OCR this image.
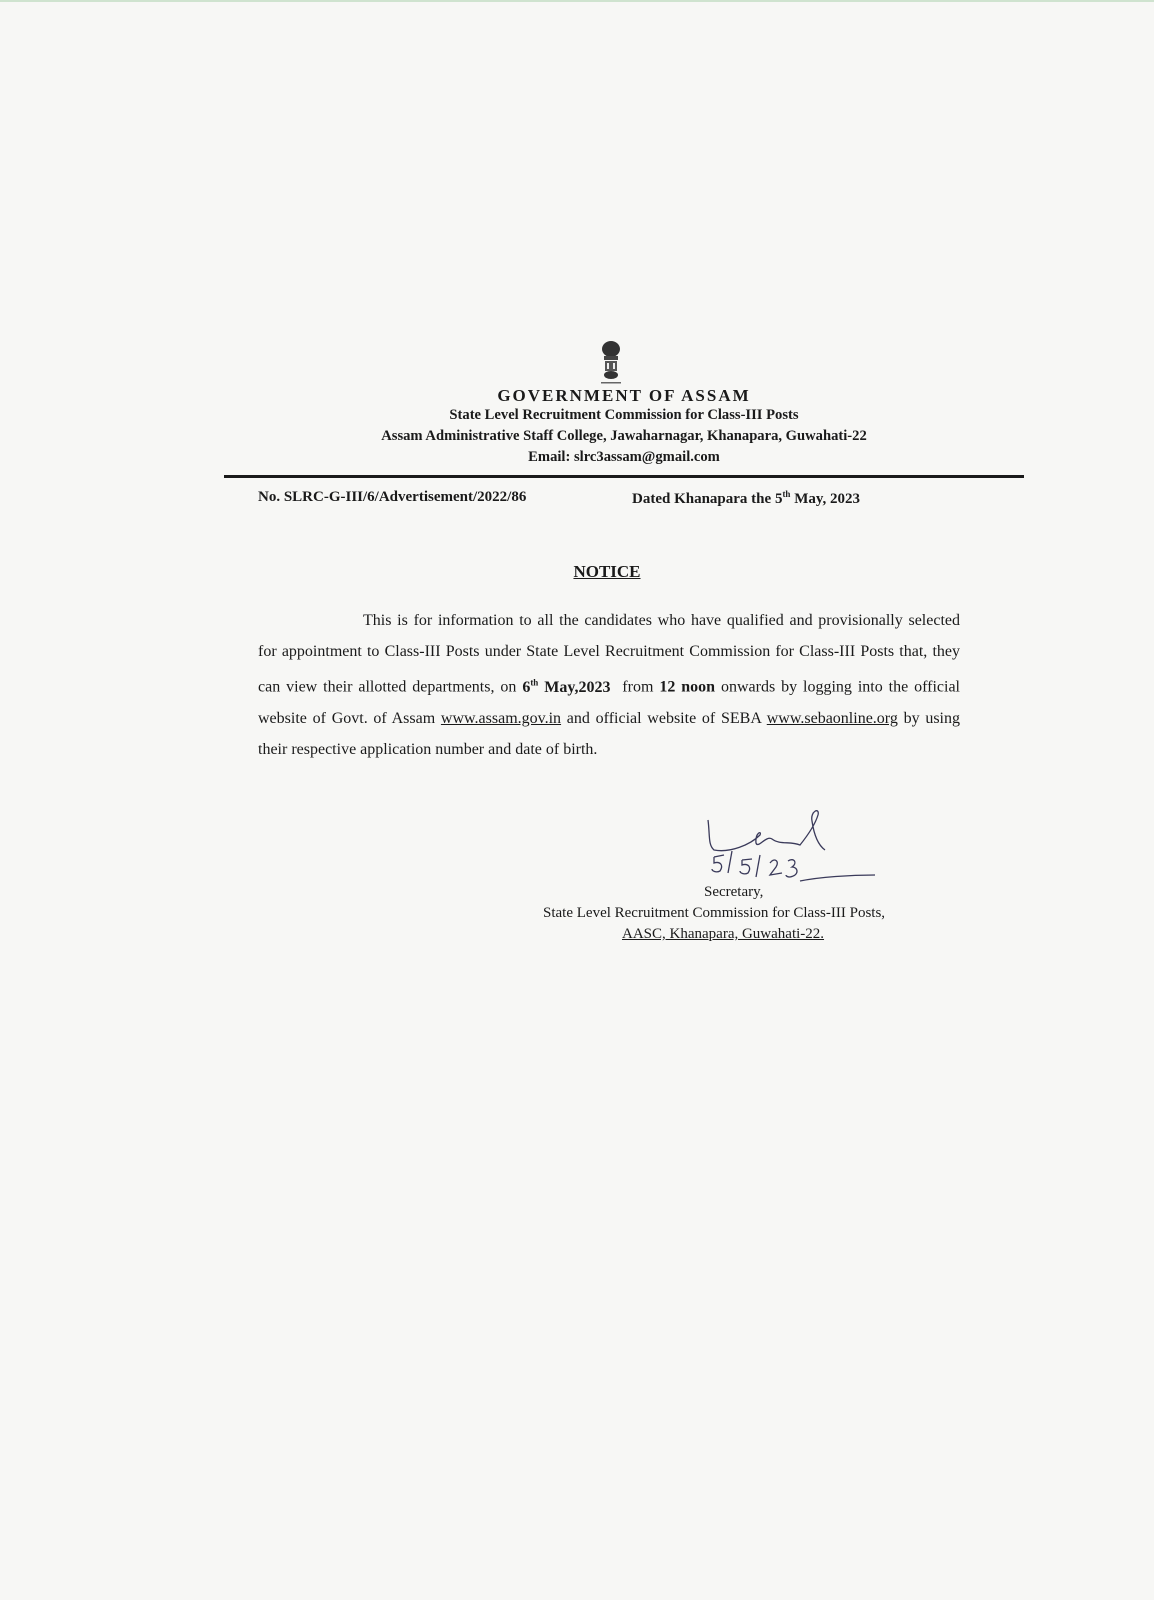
GOVERNMENT OF ASSAM
State Level Recruitment Commission for Class-III Posts
Assam Administrative Staff College, Jawaharnagar, Khanapara, Guwahati-22
Email: slrc3assam@gmail.com
No. SLRC-G-III/6/Advertisement/2022/86	Dated Khanapara the 5th May, 2023
NOTICE
This is for information to all the candidates who have qualified and provisionally selected for appointment to Class-III Posts under State Level Recruitment Commission for Class-III Posts that, they can view their allotted departments, on 6th May,2023  from 12 noon onwards by logging into the official website of Govt. of Assam www.assam.gov.in and official website of SEBA www.sebaonline.org by using their respective application number and date of birth.
Secretary,
State Level Recruitment Commission for Class-III Posts,
AASC, Khanapara, Guwahati-22.
